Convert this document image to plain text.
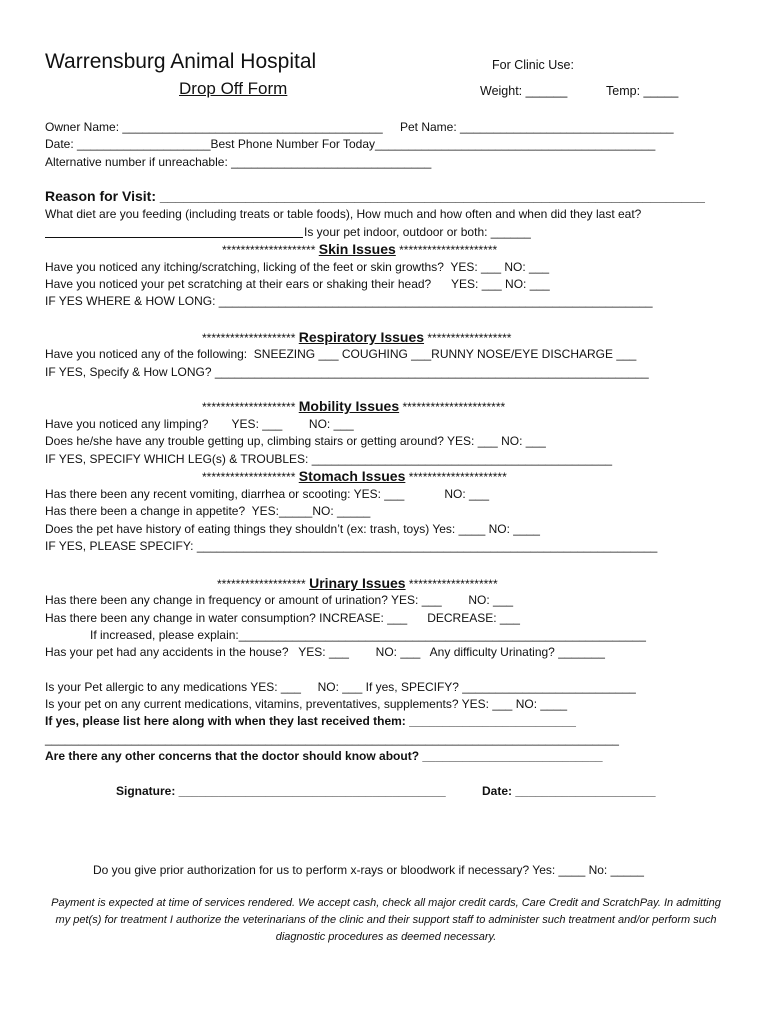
Warrensburg Animal Hospital
Drop Off Form
For Clinic Use:
Weight: ______	Temp: _____
Owner Name: _______________________________________ Pet Name: ________________________________
Date: ____________________Best Phone Number For Today__________________________________________
Alternative number if unreachable: ______________________________
Reason for Visit: ______________________________________________________________________
What diet are you feeding (including treats or table foods), How much and how often and when did they last eat?
Is your pet indoor, outdoor or both: ______
******************** Skin Issues *********************
Have you noticed any itching/scratching, licking of the feet or skin growths?  YES: ___ NO: ___
Have you noticed your pet scratching at their ears or shaking their head?      YES: ___ NO: ___
IF YES WHERE & HOW LONG: _________________________________________________________________
******************** Respiratory Issues ******************
Have you noticed any of the following:  SNEEZING ___ COUGHING ___RUNNY NOSE/EYE DISCHARGE ___
IF YES, Specify & How LONG? _________________________________________________________________
******************** Mobility Issues **********************
Have you noticed any limping?       YES: ___        NO: ___
Does he/she have any trouble getting up, climbing stairs or getting around? YES: ___ NO: ___
IF YES, SPECIFY WHICH LEG(s) & TROUBLES: _____________________________________________
******************** Stomach Issues *********************
Has there been any recent vomiting, diarrhea or scooting: YES: ___            NO: ___
Has there been a change in appetite?  YES:_____NO: _____
Does the pet have history of eating things they shouldn’t (ex: trash, toys) Yes: ____ NO: ____
IF YES, PLEASE SPECIFY: _____________________________________________________________________
******************* Urinary Issues *******************
Has there been any change in frequency or amount of urination? YES: ___        NO: ___
Has there been any change in water consumption? INCREASE: ___      DECREASE: ___
If increased, please explain:_____________________________________________________________
Has your pet had any accidents in the house?   YES: ___        NO: ___   Any difficulty Urinating? _______
Is your Pet allergic to any medications YES: ___     NO: ___ If yes, SPECIFY? __________________________
Is your pet on any current medications, vitamins, preventatives, supplements? YES: ___ NO: ____
If yes, please list here along with when they last received them: _________________________
______________________________________________________________________________________
Are there any other concerns that the doctor should know about? ___________________________
Signature: ________________________________________	Date: _____________________
Do you give prior authorization for us to perform x-rays or bloodwork if necessary? Yes: ____ No: _____
Payment is expected at time of services rendered. We accept cash, check all major credit cards, Care Credit and ScratchPay. In admitting my pet(s) for treatment I authorize the veterinarians of the clinic and their support staff to administer such treatment and/or perform such diagnostic procedures as deemed necessary.
